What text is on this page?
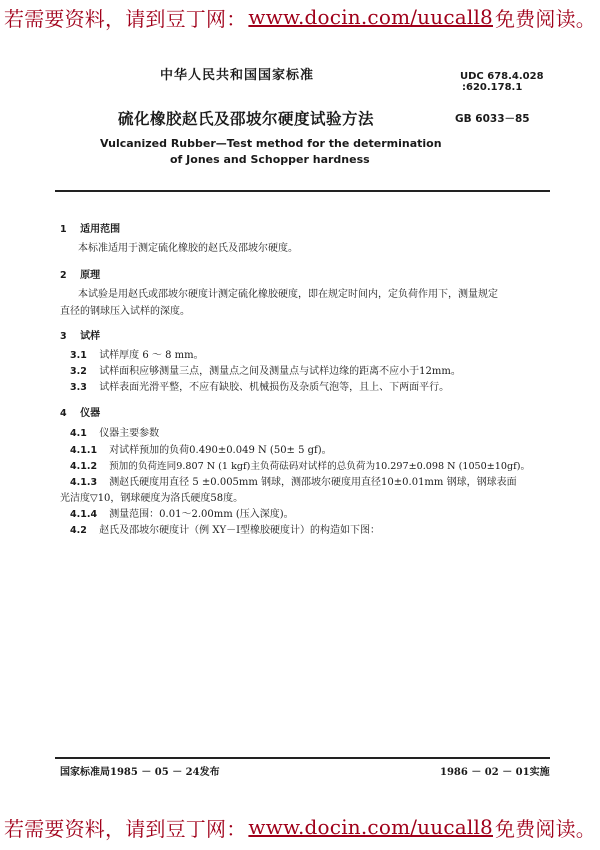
若需要资料，请到豆丁网： www.docin.com/uucall8 免费阅读。
中华人民共和国国家标准	UDC 678.4.028
:620.178.1
硫化橡胶赵氏及邵坡尔硬度试验方法	GB 6033－85
Vulcanized Rubber—Test method for the determination
of Jones and Schopper hardness
1 适用范围
本标准适用于测定硫化橡胶的赵氏及邵坡尔硬度。
2 原理
本试验是用赵氏或邵坡尔硬度计测定硫化橡胶硬度，即在规定时间内，定负荷作用下，测量规定
直径的钢球压入试样的深度。
3 试样
3.1 试样厚度 6 ～ 8 mm。
3.2 试样面积应够测量三点，测量点之间及测量点与试样边缘的距离不应小于12mm。
3.3 试样表面光滑平整，不应有缺胶、机械损伤及杂质气泡等，且上、下两面平行。
4 仪器
4.1 仪器主要参数
4.1.1 对试样预加的负荷0.490±0.049 N (50± 5 gf)。
4.1.2 预加的负荷连同9.807 N (1 kgf)主负荷砝码对试样的总负荷为10.297±0.098 N (1050±10gf)。
4.1.3 测赵氏硬度用直径 5 ±0.005mm 钢球，测邵坡尔硬度用直径10±0.01mm 钢球，钢球表面
光洁度▽10，钢球硬度为洛氏硬度58度。
4.1.4 测量范围：0.01～2.00mm (压入深度)。
4.2 赵氏及邵坡尔硬度计（例 XY－Ⅰ型橡胶硬度计）的构造如下图：
国家标准局1985 － 05 － 24发布	1986 － 02 － 01实施
若需要资料，请到豆丁网： www.docin.com/uucall8 免费阅读。
